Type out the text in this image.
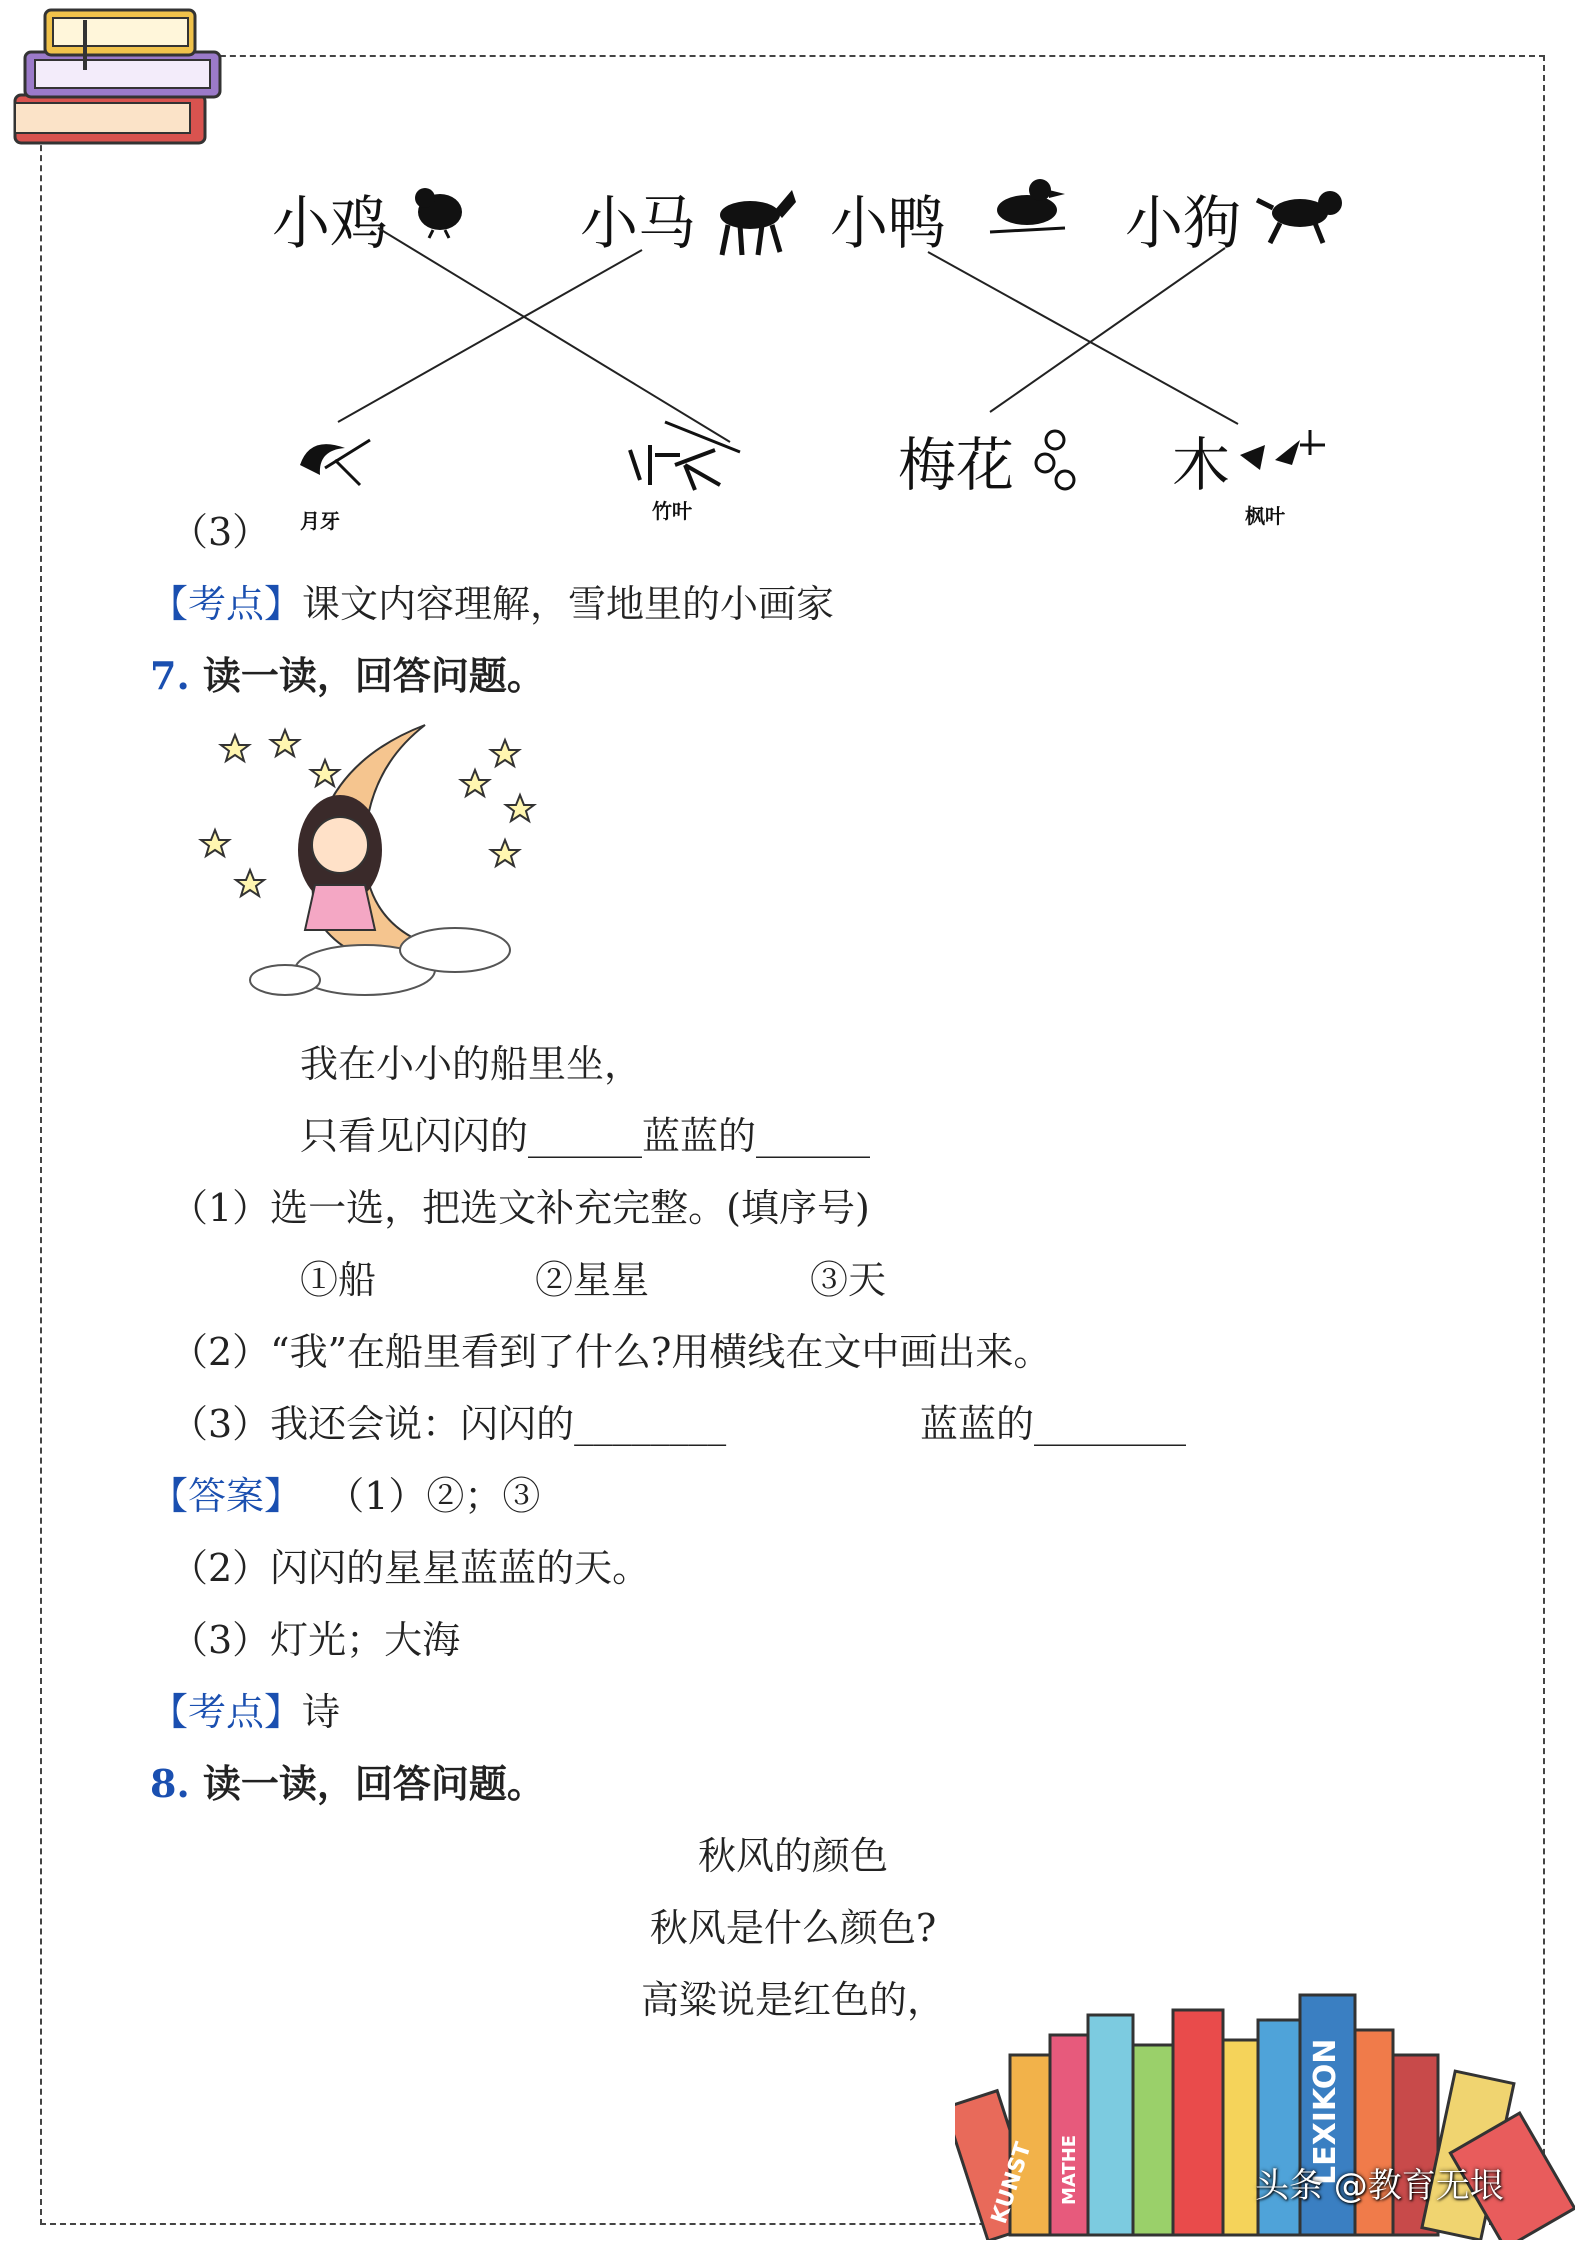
小鸡	小马 小鸭	小狗
月牙	竹叶
梅花	木
枫叶
（3）
【考点】课文内容理解，雪地里的小画家
7. 读一读，回答问题。
我在小小的船里坐，
只看见闪闪的______蓝蓝的______
（1）选一选，把选文补充完整。(填序号)
①船	②星星	③天
（2）“我”在船里看到了什么?用横线在文中画出来。
（3）我还会说：闪闪的________	蓝蓝的________
【答案】 （1）②；③
（2）闪闪的星星蓝蓝的天。
（3）灯光；大海
【考点】诗
8. 读一读，回答问题。
秋风的颜色
秋风是什么颜色?
高粱说是红色的，
LEXIKON
KUNST MATHE	头条 @教育无垠
